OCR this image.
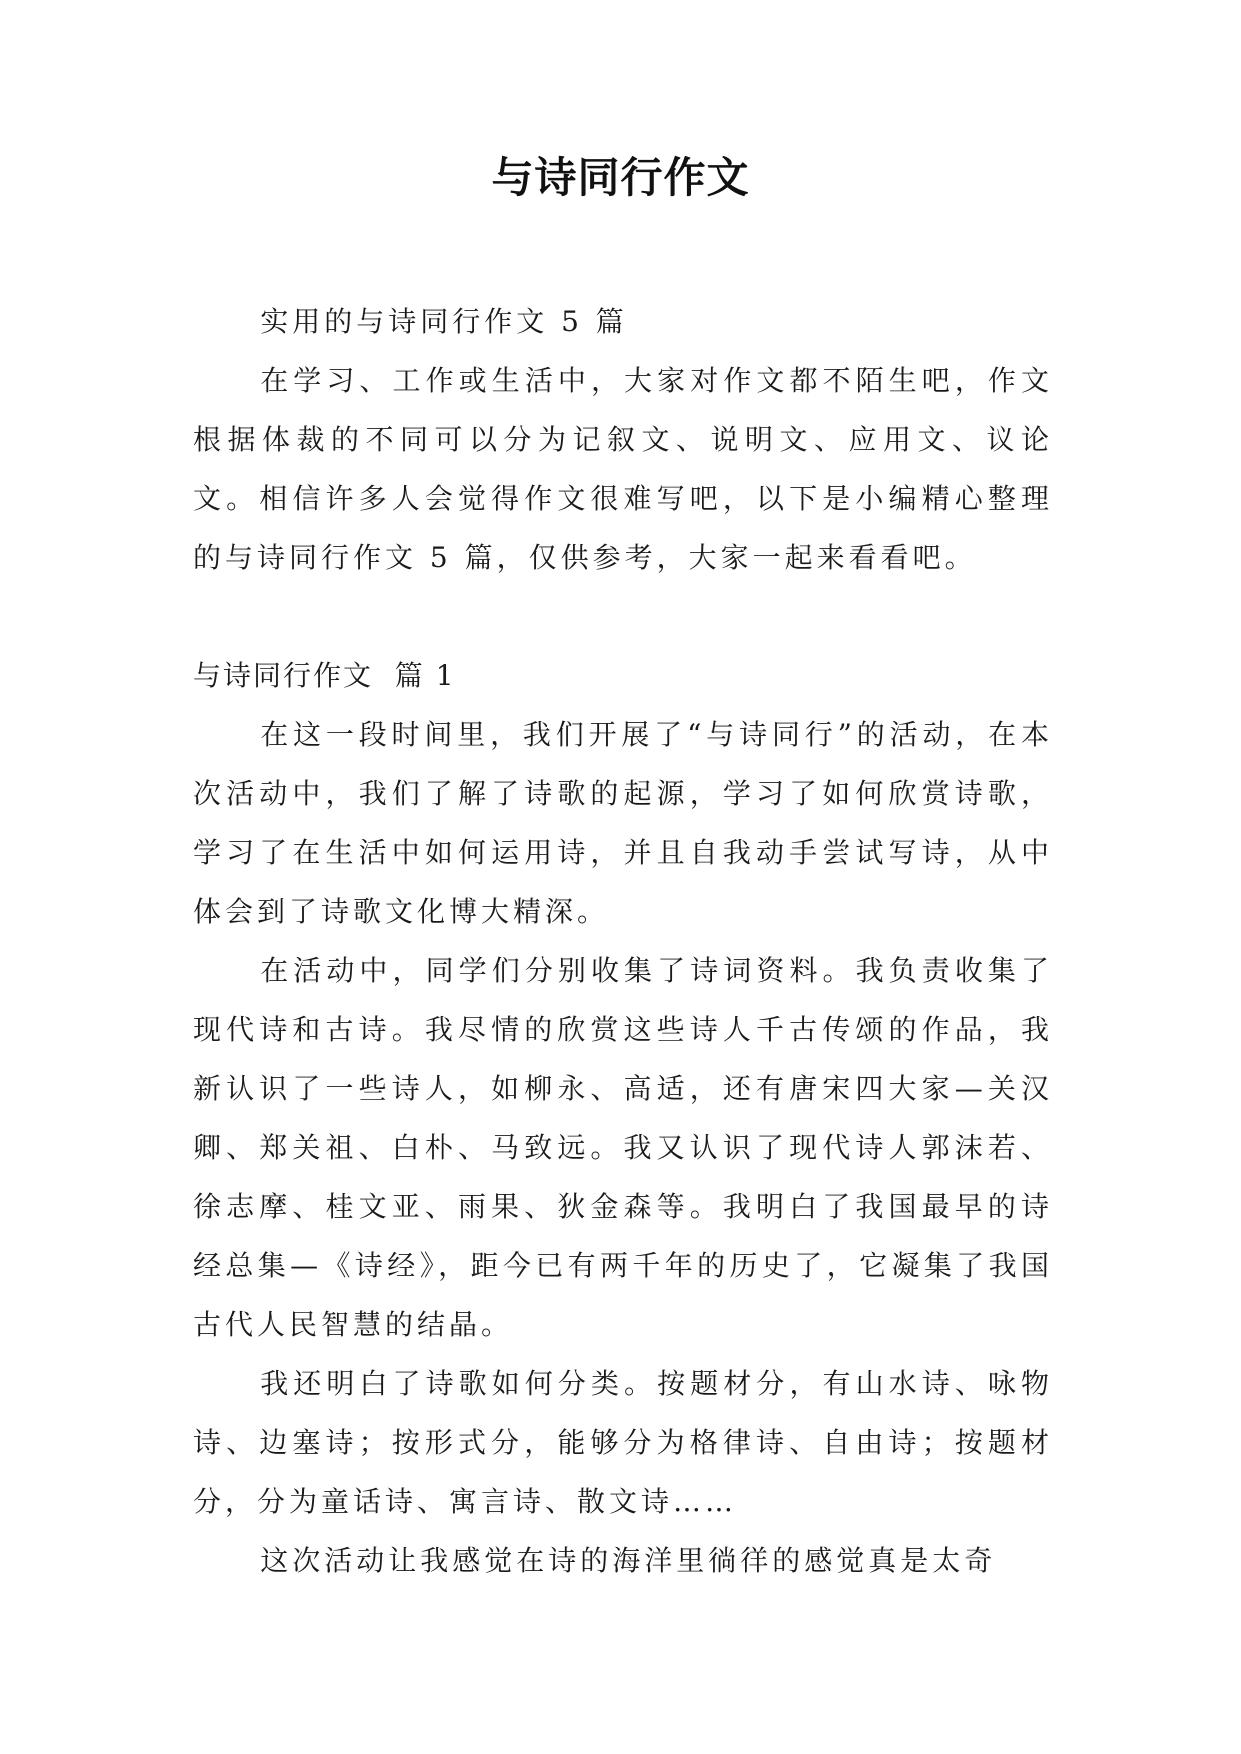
与诗同行作文

实用的与诗同行作文 5 篇

在学习、工作或生活中，大家对作文都不陌生吧，作文根据体裁的不同可以分为记叙文、说明文、应用文、议论文。相信许多人会觉得作文很难写吧，以下是小编精心整理的与诗同行作文 5 篇，仅供参考，大家一起来看看吧。

与诗同行作文  篇 1

在这一段时间里，我们开展了“与诗同行”的活动，在本次活动中，我们了解了诗歌的起源，学习了如何欣赏诗歌，学习了在生活中如何运用诗，并且自我动手尝试写诗，从中体会到了诗歌文化博大精深。

在活动中，同学们分别收集了诗词资料。我负责收集了现代诗和古诗。我尽情的欣赏这些诗人千古传颂的作品，我新认识了一些诗人，如柳永、高适，还有唐宋四大家—关汉卿、郑关祖、白朴、马致远。我又认识了现代诗人郭沫若、徐志摩、桂文亚、雨果、狄金森等。我明白了我国最早的诗经总集—《诗经》，距今已有两千年的历史了，它凝集了我国古代人民智慧的结晶。

我还明白了诗歌如何分类。按题材分，有山水诗、咏物诗、边塞诗；按形式分，能够分为格律诗、自由诗；按题材分，分为童话诗、寓言诗、散文诗……

这次活动让我感觉在诗的海洋里徜徉的感觉真是太奇
